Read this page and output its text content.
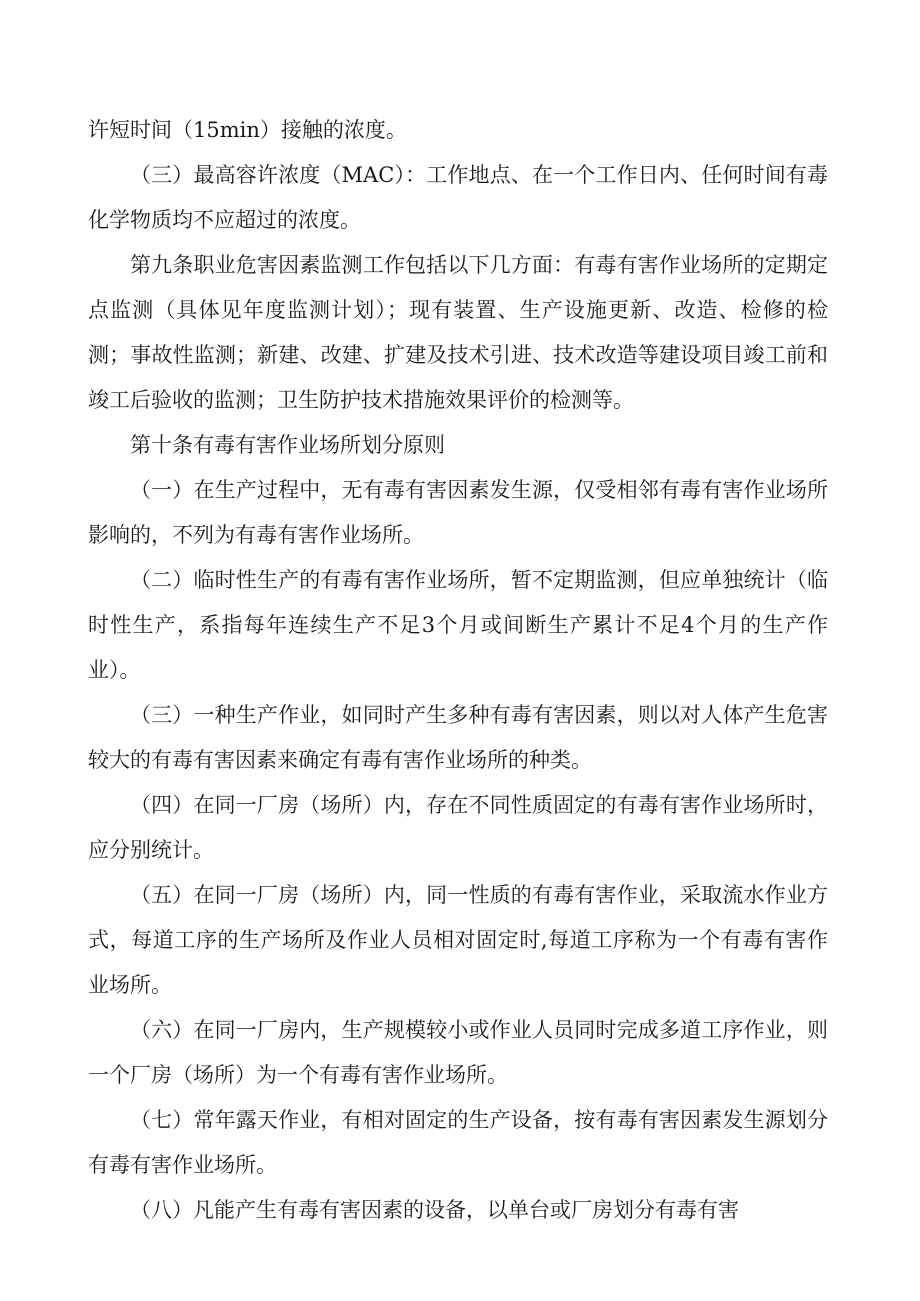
许短时间（15min）接触的浓度。

（三）最高容许浓度（MAC）：工作地点、在一个工作日内、任何时间有毒化学物质均不应超过的浓度。

第九条职业危害因素监测工作包括以下几方面：有毒有害作业场所的定期定点监测（具体见年度监测计划）；现有装置、生产设施更新、改造、检修的检测；事故性监测；新建、改建、扩建及技术引进、技术改造等建设项目竣工前和竣工后验收的监测；卫生防护技术措施效果评价的检测等。

第十条有毒有害作业场所划分原则

（一）在生产过程中，无有毒有害因素发生源，仅受相邻有毒有害作业场所影响的，不列为有毒有害作业场所。

（二）临时性生产的有毒有害作业场所，暂不定期监测，但应单独统计（临时性生产，系指每年连续生产不足3个月或间断生产累计不足4个月的生产作业）。

（三）一种生产作业，如同时产生多种有毒有害因素，则以对人体产生危害较大的有毒有害因素来确定有毒有害作业场所的种类。

（四）在同一厂房（场所）内，存在不同性质固定的有毒有害作业场所时，应分别统计。

（五）在同一厂房（场所）内，同一性质的有毒有害作业，采取流水作业方式，每道工序的生产场所及作业人员相对固定时,每道工序称为一个有毒有害作业场所。

（六）在同一厂房内，生产规模较小或作业人员同时完成多道工序作业，则一个厂房（场所）为一个有毒有害作业场所。

（七）常年露天作业，有相对固定的生产设备，按有毒有害因素发生源划分有毒有害作业场所。

（八）凡能产生有毒有害因素的设备，以单台或厂房划分有毒有害
